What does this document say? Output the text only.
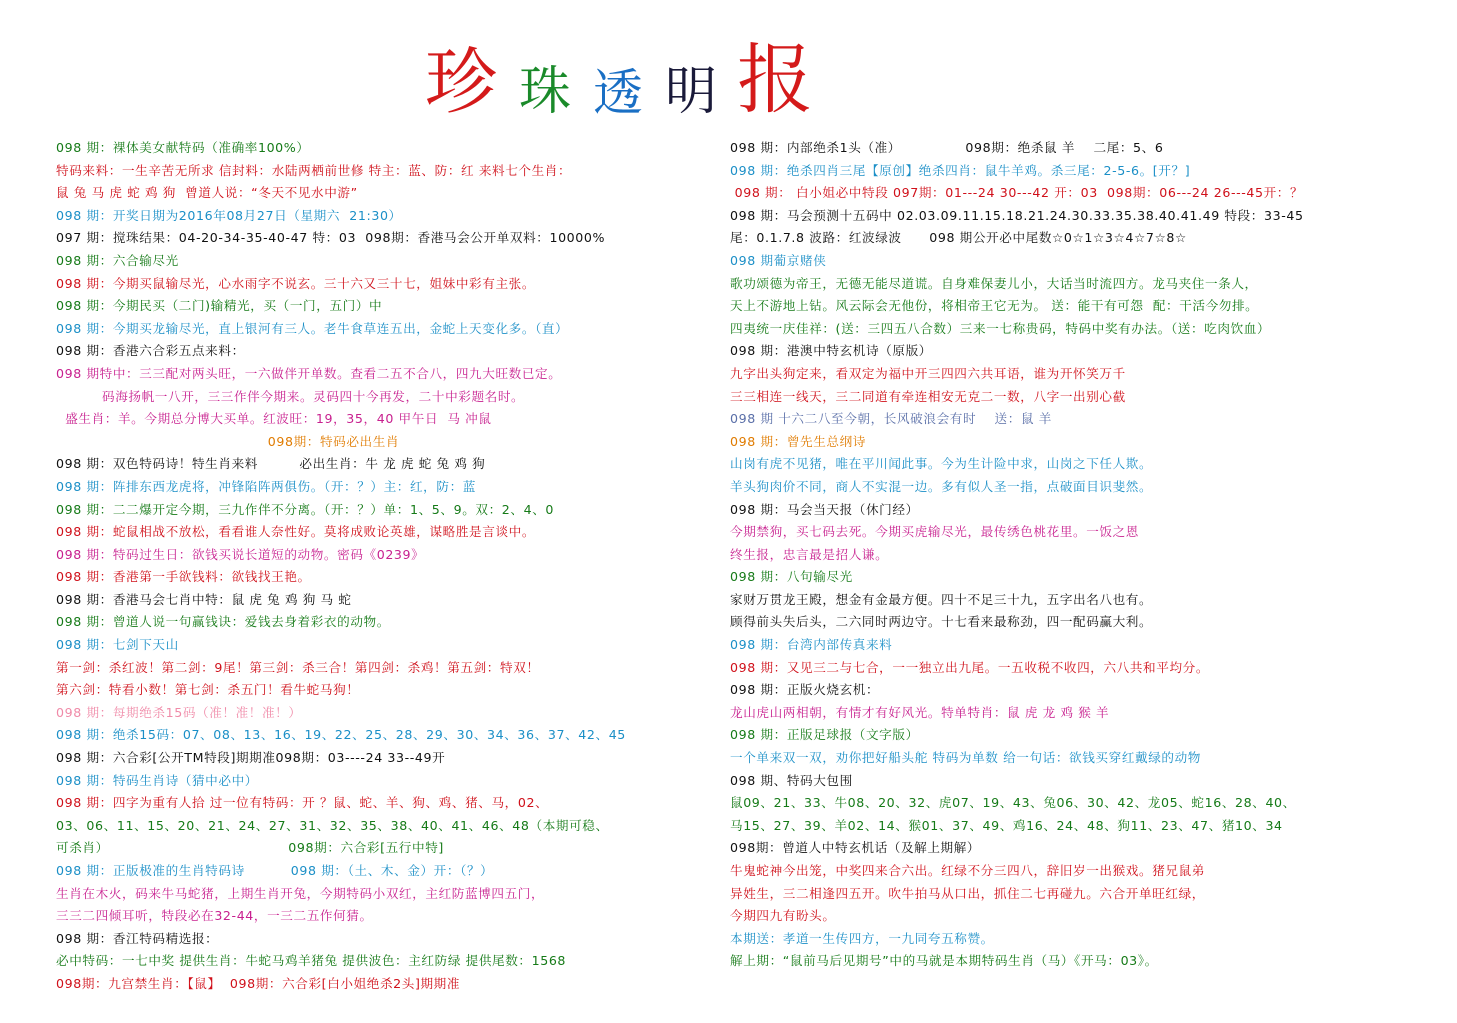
珍 珠 透 明 报
098 期：裸体美女献特码（准确率100%）
特码来料：一生辛苦无所求 信封料：水陆两栖前世修 特主：蓝、防：红 来料七个生肖：
鼠 兔 马 虎 蛇 鸡 狗  曾道人说：“冬天不见水中游”
098 期：开奖日期为2016年08月27日（星期六  21:30）
097 期：搅珠结果：04-20-34-35-40-47 特：03  098期：香港马会公开单双料：10000%
098 期：六合输尽光
098 期：今期买鼠输尽光，心水雨字不说玄。三十六又三十七，姐妹中彩有主张。
098 期：今期民买（二门)输精光，买（一门，五门）中
098 期：今期买龙输尽光，直上银河有三人。老牛食草连五出，金蛇上天变化多。（直）
098 期：香港六合彩五点来料：
098 期特中：三三配对两头旺，一六做伴开单数。查看二五不合八，四九大旺数已定。
码海扬帆一八开，三三作伴今期来。灵码四十今再发，二十中彩题名时。
盛生肖：羊。今期总分博大买单。红波旺：19，35，40 甲午日  马 冲鼠
098期：特码必出生肖
098 期：双色特码诗！特生肖来料         必出生肖：牛 龙 虎 蛇 兔 鸡 狗
098 期：阵排东西龙虎将，冲锋陷阵两俱伤。（开：？）主：红，防：蓝
098 期：二二爆开定今期，三九作伴不分离。（开：？）单：1、5、9。双：2、4、0
098 期：蛇鼠相战不放松，看看谁人奈性好。莫将成败论英雄，谋略胜是言谈中。
098 期：特码过生日：欲钱买说长道短的动物。密码《0239》
098 期：香港第一手欲钱料：欲钱找王艳。
098 期：香港马会七肖中特：鼠 虎 兔 鸡 狗 马 蛇
098 期：曾道人说一句赢钱诀：爱钱去身着彩衣的动物。
098 期：七剑下天山
第一剑：杀红波！第二剑：9尾！第三剑：杀三合！第四剑：杀鸡！第五剑：特双！
第六剑：特看小数！第七剑：杀五门！看牛蛇马狗！
098 期：每期绝杀15码（准！准！准！）
098 期：绝杀15码：07、08、13、16、19、22、25、28、29、30、34、36、37、42、45
098 期：六合彩[公开TM特段]期期准098期：03----24 33--49开
098 期：特码生肖诗（猜中必中）
098 期：四字为重有人拾 过一位有特码：开 ？鼠、蛇、羊、狗、鸡、猪、马，02、
03、06、11、15、20、21、24、27、31、32、35、38、40、41、46、48（本期可稳、
可杀肖）                                       098期：六合彩[五行中特]
098 期：正版极准的生肖特码诗          098 期：（土、木、金）开：（？）
生肖在木火，码来牛马蛇猪，上期生肖开兔，今期特码小双红，主红防蓝博四五门，
三三二四倾耳听，特段必在32-44，一三二五作何猜。
098 期：香江特码精选报：
必中特码：一七中奖 提供生肖：牛蛇马鸡羊猪兔 提供波色：主红防绿 提供尾数：1568
098期：九宫禁生肖：【鼠】  098期：六合彩[白小姐绝杀2头]期期准
098 期：内部绝杀1头（准）              098期：绝杀鼠 羊    二尾：5、6
098 期：绝杀四肖三尾【原创】绝杀四肖：鼠牛羊鸡。杀三尾：2-5-6。[开？]
098 期： 白小姐必中特段 097期：01---24 30---42 开：03  098期：06---24 26---45开：？
098 期：马会预测十五码中 02.03.09.11.15.18.21.24.30.33.35.38.40.41.49 特段：33-45
尾：0.1.7.8 波路：红波绿波      098 期公开必中尾数☆0☆1☆3☆4☆7☆8☆
098 期葡京赌侠
歌功颂德为帝王，无德无能尽道谎。自身难保妻儿小，大话当时流四方。龙马夹住一条人，
天上不游地上钻。风云际会无他份，将相帝王它无为。 送：能干有可怨  配：干活今勿排。
四夷统一庆佳祥：(送：三四五八合数）三来一七称贵码，特码中奖有办法。（送：吃肉饮血）
098 期：港澳中特玄机诗（原版）
九字出头狗定来，看双定为福中开三四四六共耳语，谁为开怀笑万千
三三相连一线天，三二同道有牵连相安无克二一数，八字一出别心截
098 期 十六二八至今朝，长风破浪会有时    送：鼠 羊
098 期：曾先生总纲诗
山岗有虎不见猪，唯在平川闻此事。今为生计险中求，山岗之下任人欺。
羊头狗肉价不同，商人不实混一边。多有似人圣一指，点破面目识斐然。
098 期：马会当天报（休门经）
今期禁狗，买七码去死。今期买虎输尽光，最传绣色桃花里。一饭之恩
终生报，忠言最是招人谦。
098 期：八句输尽光
家财万贯龙王殿，想金有金最方便。四十不足三十九，五字出名八也有。
顾得前头失后头，二六同时两边守。十七看来最称劲，四一配码赢大利。
098 期：台湾内部传真来料
098 期：又见三二与七合，一一独立出九尾。一五收税不收四，六八共和平均分。
098 期：正版火烧玄机：
龙山虎山两相朝，有情才有好风光。特单特肖：鼠 虎 龙 鸡 猴 羊
098 期：正版足球报（文字版）
一个单来双一双，劝你把好船头舵 特码为单数 给一句话：欲钱买穿红戴绿的动物
098 期、特码大包围
鼠09、21、33、牛08、20、32、虎07、19、43、兔06、30、42、龙05、蛇16、28、40、
马15、27、39、羊02、14、猴01、37、49、鸡16、24、48、狗11、23、47、猪10、34
098期：曾道人中特玄机话（及解上期解）
牛鬼蛇神今出笼，中奖四来合六出。红绿不分三四八，辞旧岁一出猴戏。猪兄鼠弟
异姓生，三二相逢四五开。吹牛拍马从口出，抓住二七再碰九。六合开单旺红绿，
今期四九有盼头。
本期送：孝道一生传四方，一九同夸五称赞。
解上期：“鼠前马后见期号”中的马就是本期特码生肖（马）《开马：03》。
